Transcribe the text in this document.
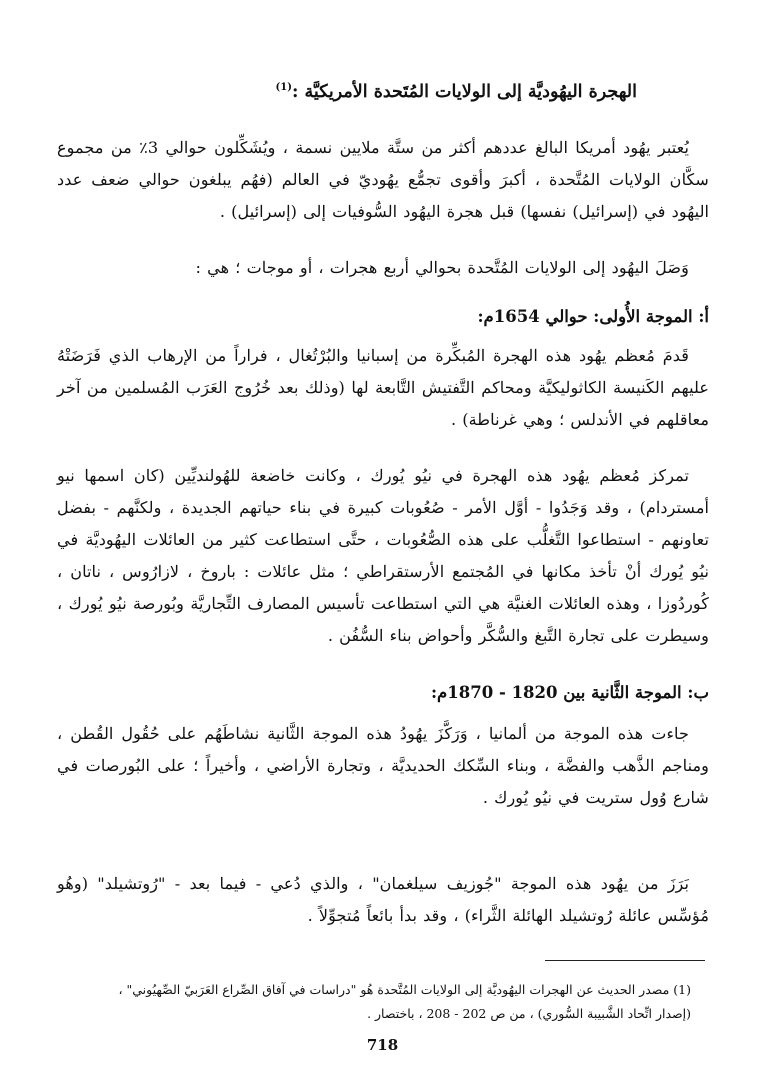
الهجرة اليهُوديَّة إلى الولايات المُتَحدة الأمريكيَّة :$^{(1)}$

يُعتبر يهُود أمريكا البالغ عددهم أكثر من ستَّة ملايين نسمة ، ويُشَكِّلون حوالي 3٪ من مجموع سكَّان الولايات المُتَّحدة ، أكبرَ وأقوى تجمُّع يهُوديّ في العالم (فهُم يبلغون حوالي ضعف عدد اليهُود في (إسرائيل) نفسها) قبل هجرة اليهُود السُّوفيات إلى (إسرائيل) .

وَصَلَ اليهُود إلى الولايات المُتَّحدة بحوالي أربع هجرات ، أو موجات ؛ هي :

أ: الموجة الأُولى: حوالي 1654م:

قَدمَ مُعظم يهُود هذه الهجرة المُبكِّرة من إسبانيا والبُرْتُغال ، فراراً من الإرهاب الذي فَرَضَتْهُ عليهم الكَنيسة الكاثوليكيَّة ومحاكم التَّفتيش التَّابعة لها (وذلك بعد خُرُوج العَرَب المُسلمين من آخر معاقلهم في الأندلس ؛ وهي غرناطة) .

تمركز مُعظم يهُود هذه الهجرة في نيُو يُورك ، وكانت خاضعة للهُولنديِّين (كان اسمها نيو أمستردام) ، وقد وَجَدُوا - أوَّل الأمر - صُعُوبات كبيرة في بناء حياتهم الجديدة ، ولكنَّهم - بفضل تعاونهم - استطاعوا التَّغلُّب على هذه الصُّعُوبات ، حتَّى استطاعت كثير من العائلات اليهُوديَّة في نيُو يُورك أنْ تأخذ مكانها في المُجتمع الأرستقراطي ؛ مثل عائلات : باروخ ، لازارُوس ، ناتان ، كُوردُوزا ، وهذه العائلات الغنيَّة هي التي استطاعت تأسيس المصارف التِّجاريَّة وبُورصة نيُو يُورك ، وسيطرت على تجارة التَّبغ والسُّكَّر وأحواض بناء السُّفُن .

ب: الموجة الثَّانية بين 1820 - 1870م:

جاءت هذه الموجة من ألمانيا ، وَرَكَّزَ يهُودُ هذه الموجة الثَّانية نشاطَهُم على حُقُول القُطن ، ومناجم الذَّهب والفضَّة ، وبناء السِّكك الحديديَّة ، وتجارة الأراضي ، وأخيراً ؛ على البُورصات في شارع وُول ستريت في نيُو يُورك .

بَرَزَ من يهُود هذه الموجة "جُوزيف سيلغمان" ، والذي دُعي - فيما بعد - "رُوتشيلد" (وهُو مُؤسِّس عائلة رُوتشيلد الهائلة الثَّراء) ، وقد بدأ بائعاً مُتجوِّلاً .

(1) مصدر الحديث عن الهجرات اليهُوديَّة إلى الولايات المُتَّحدة هُو "دراسات في آفاق الصِّراع العَرَبيّ الصِّهيُوني" ،

(إصدار اتِّحاد الشَّبيبة السُّوري) ، من ص 202 - 208 ، باختصار .

718
